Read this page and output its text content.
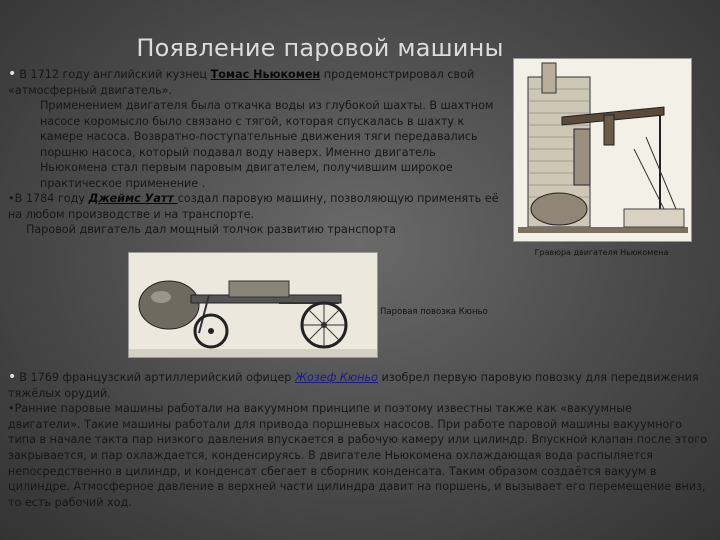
Появление паровой машины

• В 1712 году английский кузнец Томас Ньюкомен продемонстрировал свой «атмосферный двигатель».

Применением двигателя была откачка воды из глубокой шахты. В шахтном насосе коромысло было связано с тягой, которая спускалась в шахту к камере насоса. Возвратно-поступательные движения тяги передавались поршню насоса, который подавал воду наверх. Именно двигатель Ньюкомена стал первым паровым двигателем, получившим широкое практическое применение .

•В 1784 году Джеймс Уатт создал паровую машину, позволяющую применять её на любом производстве и на транспорте.

Паровой двигатель дал мощный толчок развитию транспорта

Гравюра двигателя Ньюкомена
Паровая повозка Кюньо

• В 1769 французский артиллерийский офицер Жозеф Кюньо изобрел первую паровую повозку для передвижения тяжёлых орудий.

•Ранние паровые машины работали на вакуумном принципе и поэтому известны также как «вакуумные двигатели». Такие машины работали для привода поршневых насосов. При работе паровой машины вакуумного типа в начале такта пар низкого давления впускается в рабочую камеру или цилиндр. Впускной клапан после этого закрывается, и пар охлаждается, конденсируясь. В двигателе Ньюкомена охлаждающая вода распыляется непосредственно в цилиндр, и конденсат сбегает в сборник конденсата. Таким образом создаётся вакуум в цилиндре. Атмосферное давление в верхней части цилиндра давит на поршень, и вызывает его перемещение вниз, то есть рабочий ход.
